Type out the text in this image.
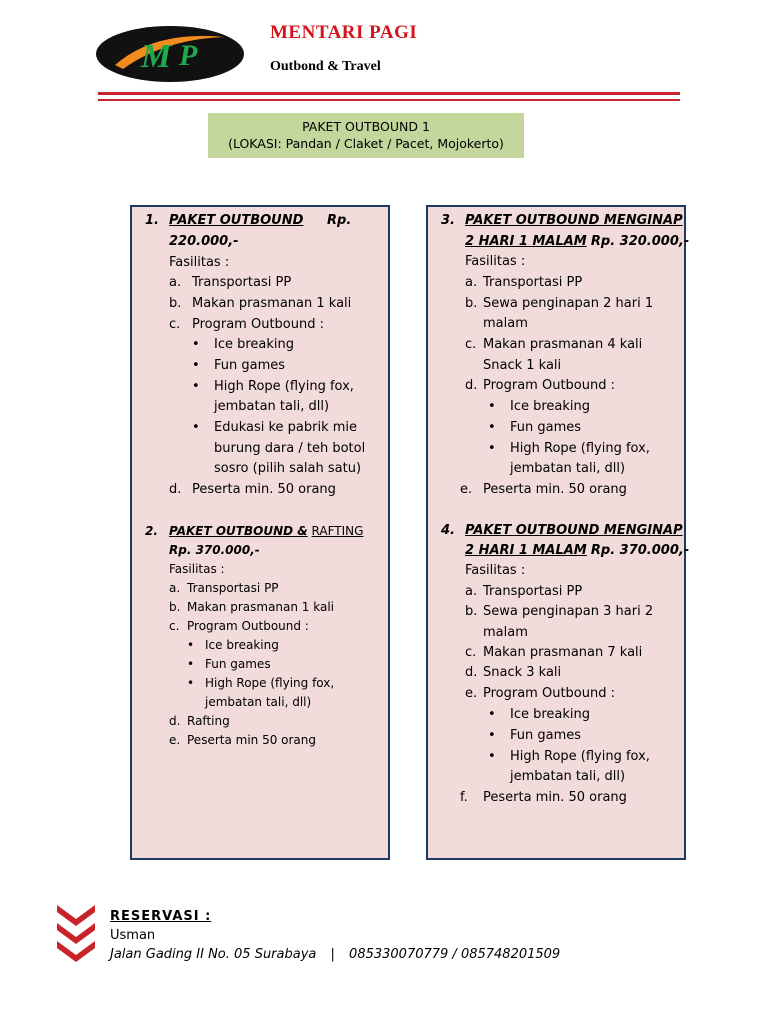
M P
MENTARI PAGI
Outbond & Travel
PAKET OUTBOUND 1
(LOKASI: Pandan / Claket / Pacet, Mojokerto)
1. PAKET OUTBOUND Rp.
220.000,-
Fasilitas :
a. Transportasi PP
b. Makan prasmanan 1 kali
c. Program Outbound :
• Ice breaking
• Fun games
• High Rope (flying fox,
jembatan tali, dll)
• Edukasi ke pabrik mie
burung dara / teh botol
sosro (pilih salah satu)
d. Peserta min. 50 orang
2. PAKET OUTBOUND & RAFTING
Rp. 370.000,-
Fasilitas :
a. Transportasi PP
b. Makan prasmanan 1 kali
c. Program Outbound :
• Ice breaking
• Fun games
• High Rope (flying fox,
jembatan tali, dll)
d. Rafting
e. Peserta min 50 orang
3. PAKET OUTBOUND MENGINAP
2 HARI 1 MALAM Rp. 320.000,-
Fasilitas :
a. Transportasi PP
b. Sewa penginapan 2 hari 1
malam
c. Makan prasmanan 4 kali
Snack 1 kali
d. Program Outbound :
• Ice breaking
• Fun games
• High Rope (flying fox,
jembatan tali, dll)
e. Peserta min. 50 orang
4. PAKET OUTBOUND MENGINAP
2 HARI 1 MALAM Rp. 370.000,-
Fasilitas :
a. Transportasi PP
b. Sewa penginapan 3 hari 2
malam
c. Makan prasmanan 7 kali
d. Snack 3 kali
e. Program Outbound :
• Ice breaking
• Fun games
• High Rope (flying fox,
jembatan tali, dll)
f. Peserta min. 50 orang
RESERVASI :
Usman
Jalan Gading II No. 05 Surabaya | 085330070779 / 085748201509
